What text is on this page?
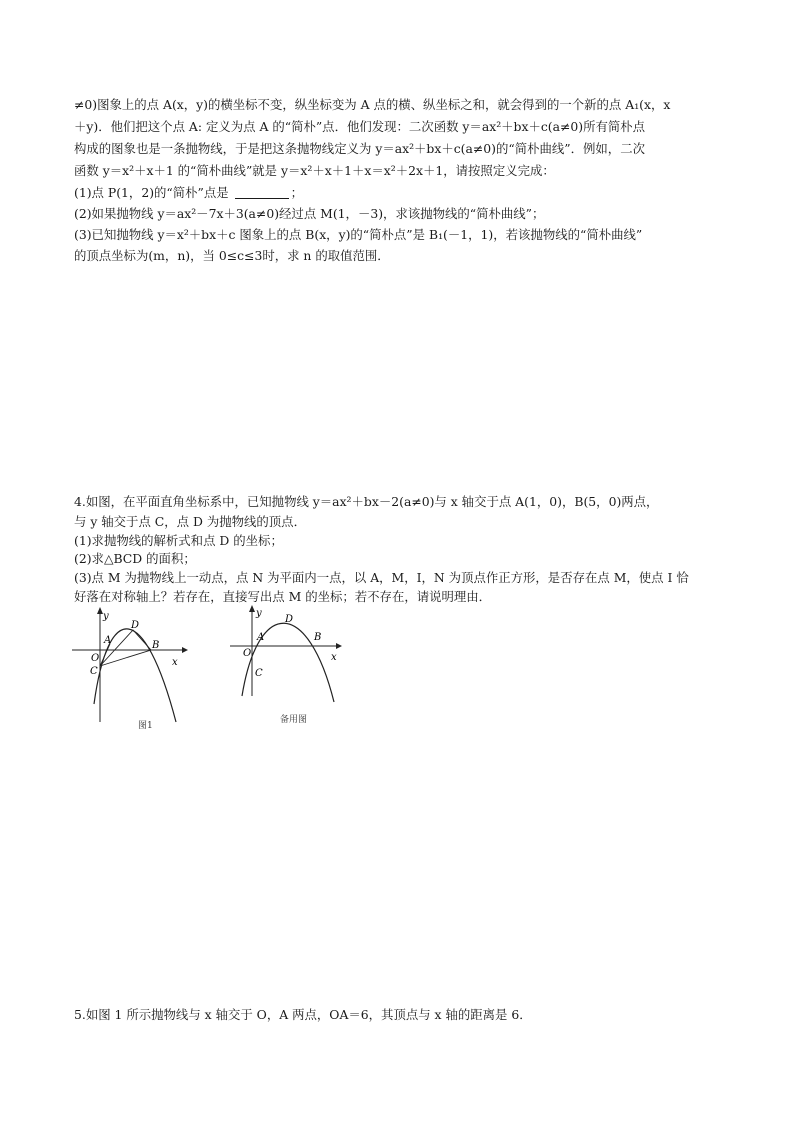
≠0)图象上的点 A(x，y)的横坐标不变，纵坐标变为 A 点的横、纵坐标之和，就会得到的一个新的点 A₁(x，x
＋y)．他们把这个点 A: 定义为点 A 的“简朴”点．他们发现：二次函数 y＝ax²＋bx＋c(a≠0)所有简朴点
构成的图象也是一条抛物线，于是把这条抛物线定义为 y＝ax²＋bx＋c(a≠0)的“简朴曲线”．例如，二次
函数 y＝x²＋x＋1 的“简朴曲线”就是 y＝x²＋x＋1＋x＝x²＋2x＋1，请按照定义完成：
(1)点 P(1，2)的“简朴”点是	；
(2)如果抛物线 y＝ax²－7x＋3(a≠0)经过点 M(1，－3)，求该抛物线的“简朴曲线”；
(3)已知抛物线 y＝x²＋bx＋c 图象上的点 B(x，y)的“简朴点”是 B₁(－1，1)，若该抛物线的“简朴曲线”
的顶点坐标为(m，n)，当 0≤c≤3时，求 n 的取值范围．
4.如图，在平面直角坐标系中，已知抛物线 y＝ax²＋bx－2(a≠0)与 x 轴交于点 A(1，0)，B(5，0)两点，
与 y 轴交于点 C，点 D 为抛物线的顶点．
(1)求抛物线的解析式和点 D 的坐标；
(2)求△BCD 的面积；
(3)点 M 为抛物线上一动点，点 N 为平面内一点，以 A，M，I，N 为顶点作正方形，是否存在点 M，使点 I 恰
好落在对称轴上？若存在，直接写出点 M 的坐标；若不存在，请说明理由．
y
x
D
A	B
O
C
图1
y
x
D
A	B
O
C
备用图
5.如图 1 所示抛物线与 x 轴交于 O，A 两点，OA＝6，其顶点与 x 轴的距离是 6．
